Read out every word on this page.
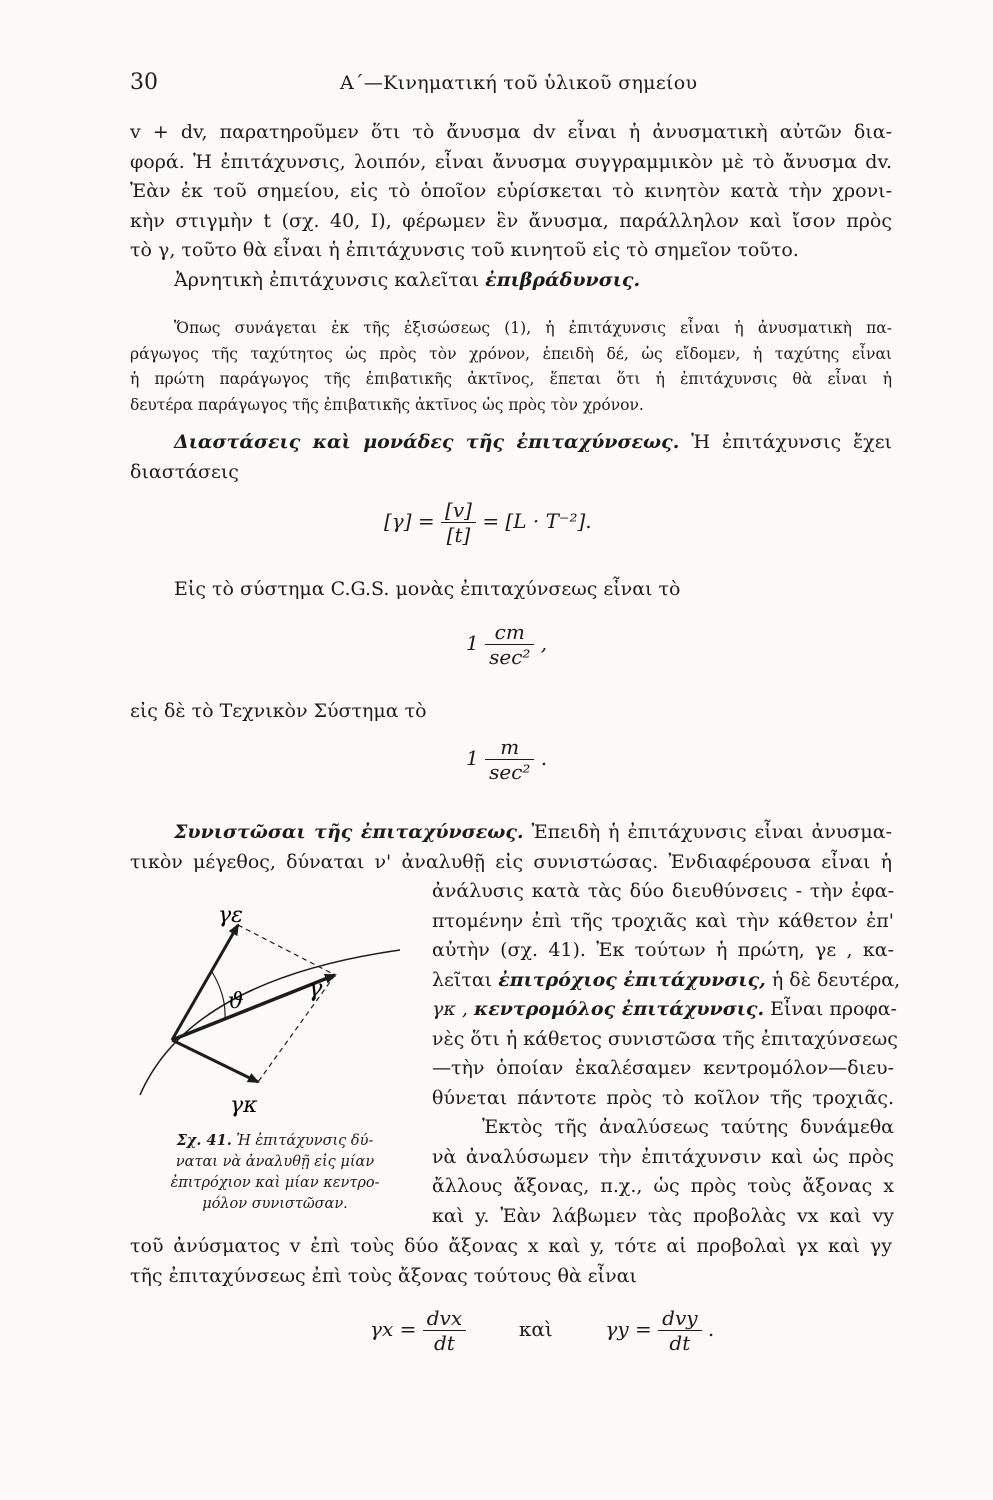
30	Α΄—Κινηματική τοῦ ὑλικοῦ σημείου
v + dv, παρατηροῦμεν ὅτι τὸ ἄνυσμα dv εἶναι ἡ ἀνυσματικὴ αὐτῶν δια-
φορά. Ἡ ἐπιτάχυνσις, λοιπόν, εἶναι ἄνυσμα συγγραμμικὸν μὲ τὸ ἄνυσμα dv.
Ἐὰν ἐκ τοῦ σημείου, εἰς τὸ ὁποῖον εὑρίσκεται τὸ κινητὸν κατὰ τὴν χρονι-
κὴν στιγμὴν t (σχ. 40, I), φέρωμεν ἓν ἄνυσμα, παράλληλον καὶ ἴσον πρὸς
τὸ γ, τοῦτο θὰ εἶναι ἡ ἐπιτάχυνσις τοῦ κινητοῦ εἰς τὸ σημεῖον τοῦτο.
Ἀρνητικὴ ἐπιτάχυνσις καλεῖται ἐπιβράδυνσις.
Ὅπως συνάγεται ἐκ τῆς ἐξισώσεως (1), ἡ ἐπιτάχυνσις εἶναι ἡ ἀνυσματικὴ πα-
ράγωγος τῆς ταχύτητος ὡς πρὸς τὸν χρόνον, ἐπειδὴ δέ, ὡς εἴδομεν, ἡ ταχύτης εἶναι
ἡ πρώτη παράγωγος τῆς ἐπιβατικῆς ἀκτῖνος, ἕπεται ὅτι ἡ ἐπιτάχυνσις θὰ εἶναι ἡ
δευτέρα παράγωγος τῆς ἐπιβατικῆς ἀκτῖνος ὡς πρὸς τὸν χρόνον.
Διαστάσεις καὶ μονάδες τῆς ἐπιταχύνσεως. Ἡ ἐπιτάχυνσις ἔχει
διαστάσεις
$[\gamma] = \frac{[v]}{[t]} = [L \cdot T^{-2}]$.
Εἰς τὸ σύστημα C.G.S. μονὰς ἐπιταχύνσεως εἶναι τὸ
$1 \frac{cm}{\text{sec²}}$ ,
εἰς δὲ τὸ Τεχνικὸν Σύστημα τὸ
$1 \frac{m}{\text{sec²}}$ .
Συνιστῶσαι τῆς ἐπιταχύνσεως. Ἐπειδὴ ἡ ἐπιτάχυνσις εἶναι ἀνυσμα-
τικὸν μέγεθος, δύναται ν' ἀναλυθῇ εἰς συνιστώσας. Ἐνδιαφέρουσα εἶναι ἡ
ἀνάλυσις κατὰ τὰς δύο διευθύνσεις - τὴν ἐφα-
πτομένην ἐπὶ τῆς τροχιᾶς καὶ τὴν κάθετον ἐπ'
αὐτὴν (σχ. 41). Ἐκ τούτων ἡ πρώτη, γε , κα-
λεῖται ἐπιτρόχιος ἐπιτάχυνσις, ἡ δὲ δευτέρα,
γκ , κεντρομόλος ἐπιτάχυνσις. Εἶναι προφα-
νὲς ὅτι ἡ κάθετος συνιστῶσα τῆς ἐπιταχύνσεως
—τὴν ὁποίαν ἐκαλέσαμεν κεντρομόλον—διευ-
θύνεται πάντοτε πρὸς τὸ κοῖλον τῆς τροχιᾶς.
Ἐκτὸς τῆς ἀναλύσεως ταύτης δυνάμεθα
νὰ ἀναλύσωμεν τὴν ἐπιτάχυνσιν καὶ ὡς πρὸς
ἄλλους ἄξονας, π.χ., ὡς πρὸς τοὺς ἄξονας x
καὶ y. Ἐὰν λάβωμεν τὰς προβολὰς vx καὶ vy
τοῦ ἀνύσματος v ἐπὶ τοὺς δύο ἄξονας x καὶ y, τότε αἱ προβολαὶ γx καὶ γy
τῆς ἐπιταχύνσεως ἐπὶ τοὺς ἄξονας τούτους θὰ εἶναι
$\gamma x = \frac{\text{dvx}}{dt}$	καὶ	$\gamma y = \frac{\text{dvy}}{dt}$ .
γε
γ
ϑ
γκ
Σχ. 41. Ἡ ἐπιτάχυνσις δύ-
ναται νὰ ἀναλυθῇ εἰς μίαν
ἐπιτρόχιον καὶ μίαν κεντρο-
μόλον συνιστῶσαν.
